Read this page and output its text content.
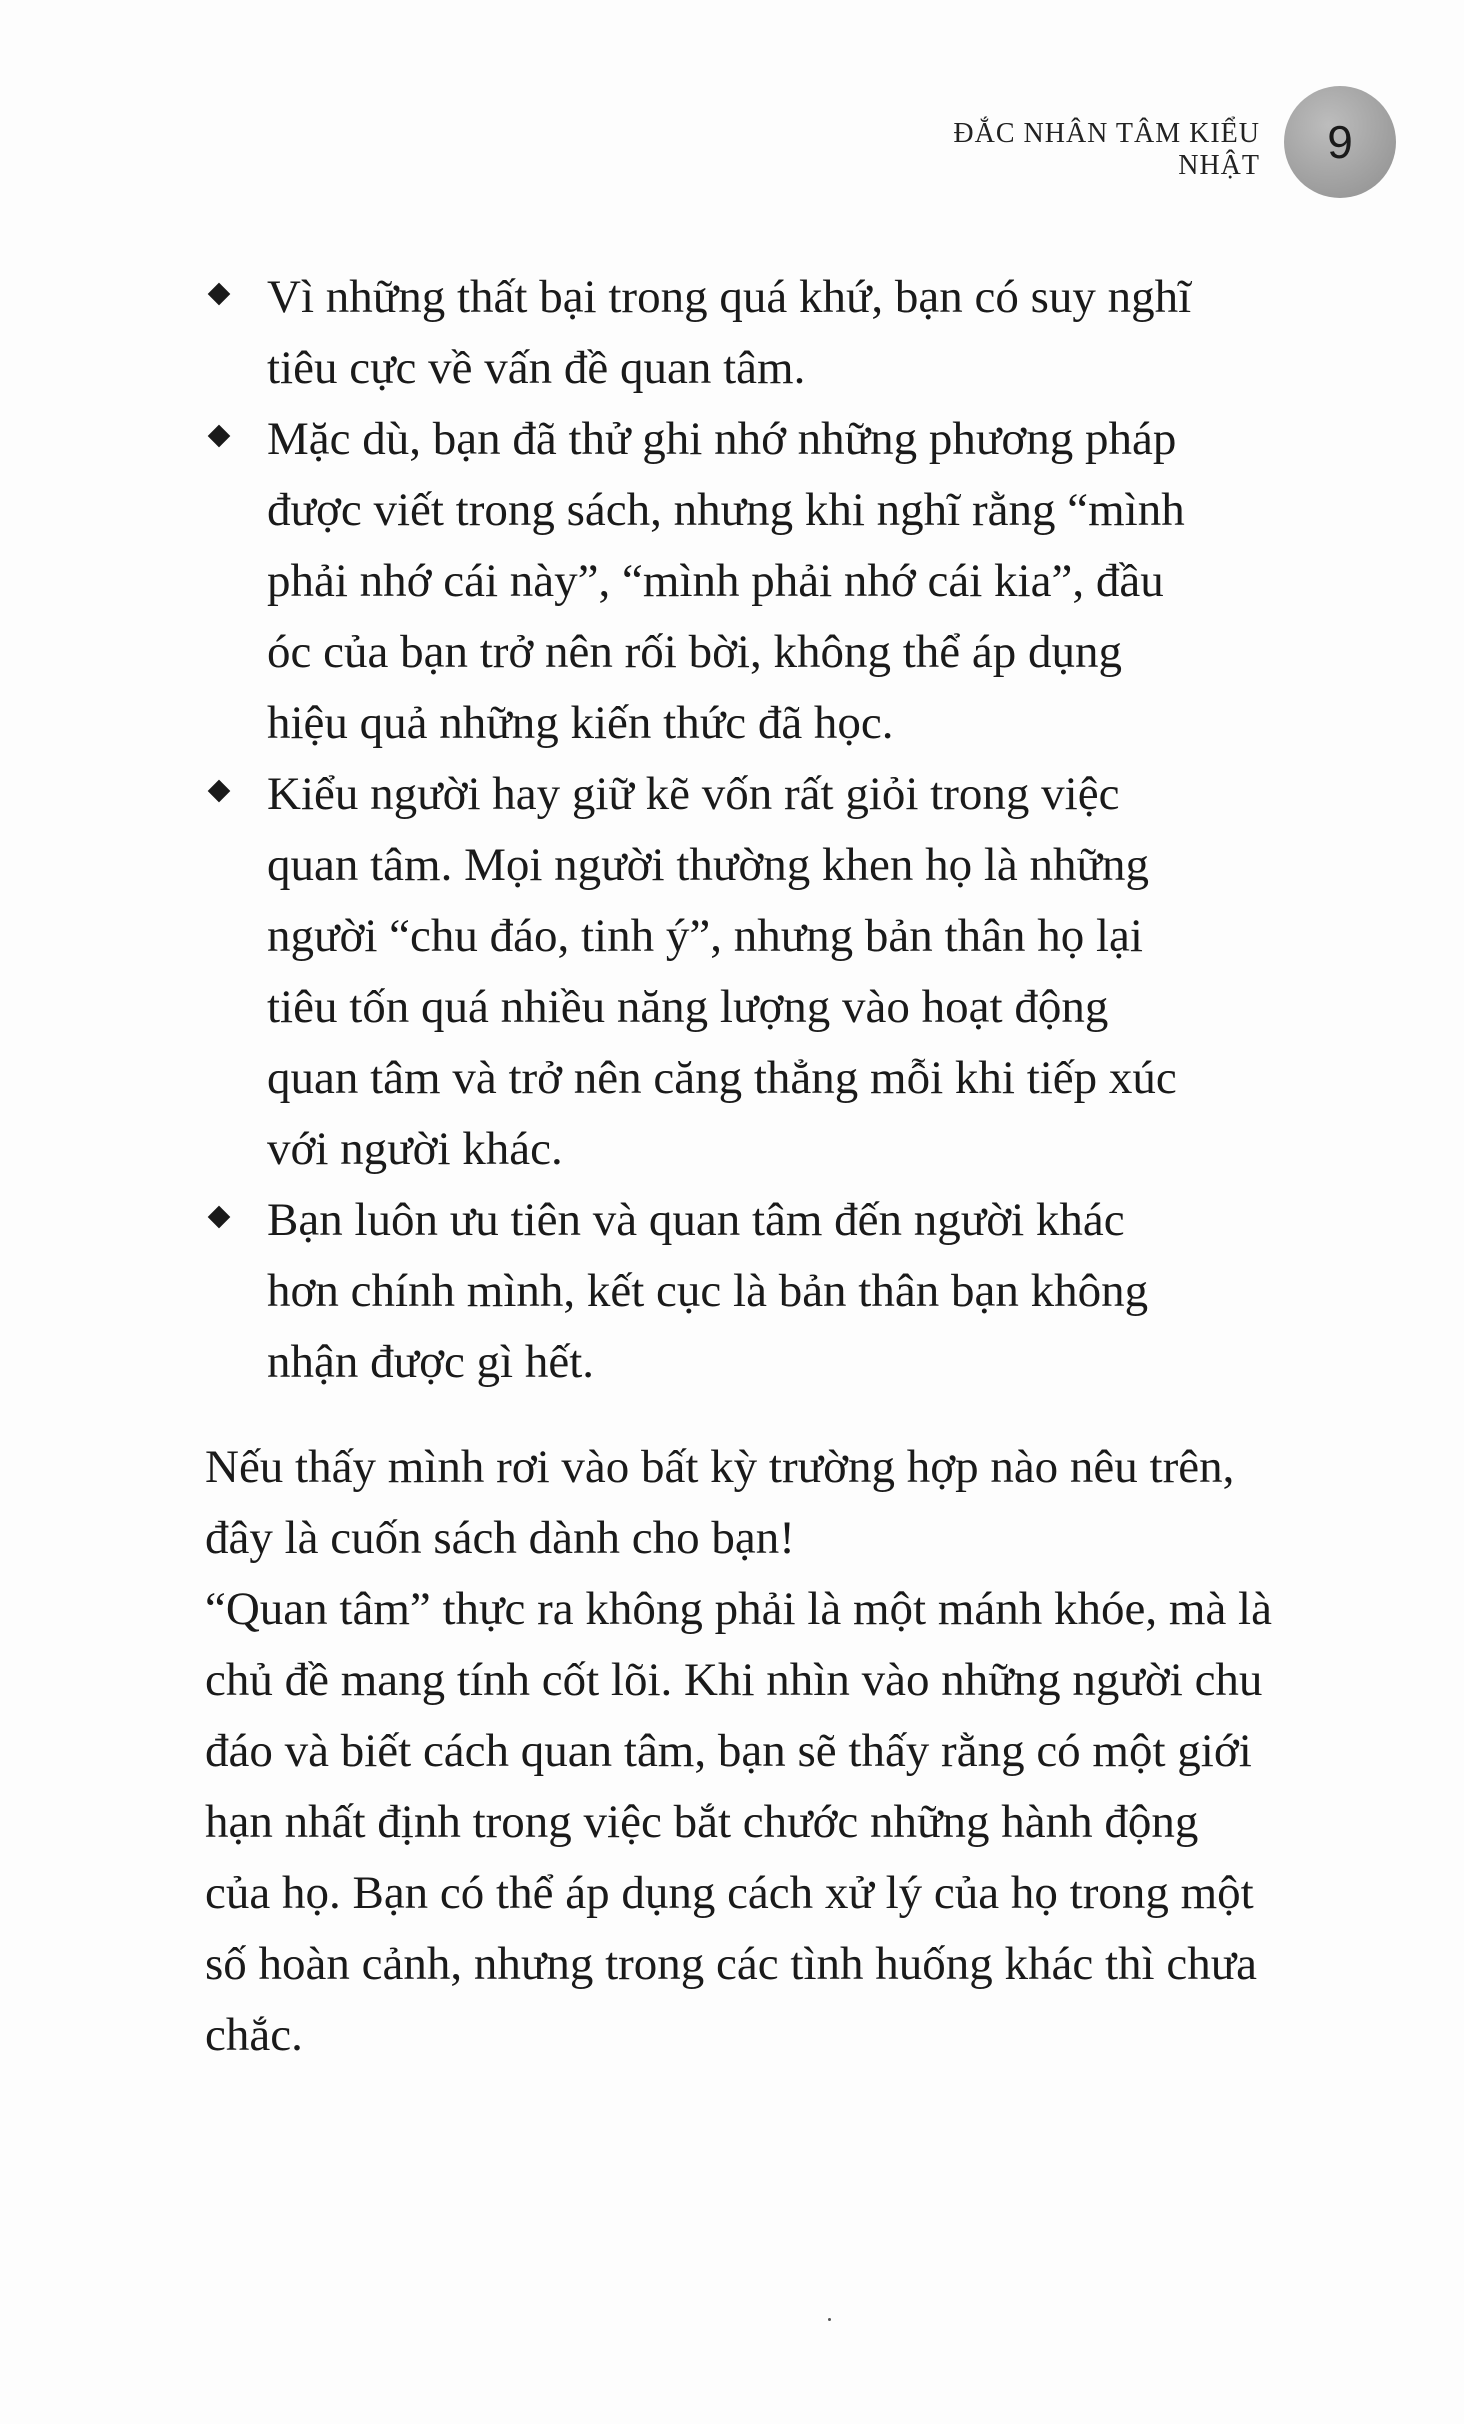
ĐẮC NHÂN TÂM KIỂU NHẬT 9
Vì những thất bại trong quá khứ, bạn có suy nghĩ tiêu cực về vấn đề quan tâm.
Mặc dù, bạn đã thử ghi nhớ những phương pháp được viết trong sách, nhưng khi nghĩ rằng “mình phải nhớ cái này”, “mình phải nhớ cái kia”, đầu óc của bạn trở nên rối bời, không thể áp dụng hiệu quả những kiến thức đã học.
Kiểu người hay giữ kẽ vốn rất giỏi trong việc quan tâm. Mọi người thường khen họ là những người “chu đáo, tinh ý”, nhưng bản thân họ lại tiêu tốn quá nhiều năng lượng vào hoạt động quan tâm và trở nên căng thẳng mỗi khi tiếp xúc với người khác.
Bạn luôn ưu tiên và quan tâm đến người khác hơn chính mình, kết cục là bản thân bạn không nhận được gì hết.

Nếu thấy mình rơi vào bất kỳ trường hợp nào nêu trên, đây là cuốn sách dành cho bạn!

“Quan tâm” thực ra không phải là một mánh khóe, mà là chủ đề mang tính cốt lõi. Khi nhìn vào những người chu đáo và biết cách quan tâm, bạn sẽ thấy rằng có một giới hạn nhất định trong việc bắt chước những hành động của họ. Bạn có thể áp dụng cách xử lý của họ trong một số hoàn cảnh, nhưng trong các tình huống khác thì chưa chắc.
